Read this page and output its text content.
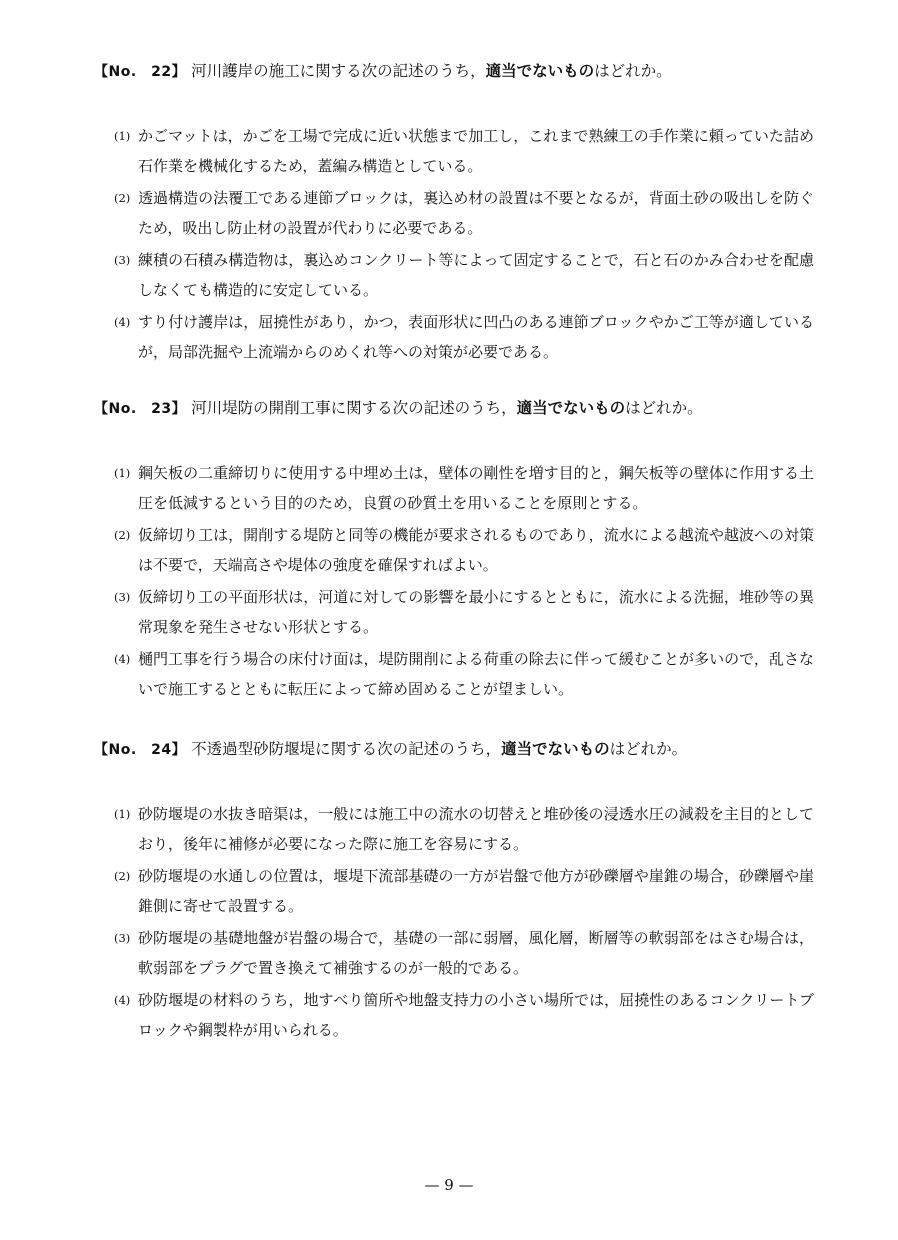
【No.　22】 河川護岸の施工に関する次の記述のうち，適当でないものはどれか。
(1) かごマットは，かごを工場で完成に近い状態まで加工し，これまで熟練工の手作業に頼っていた詰め石作業を機械化するため，蓋編み構造としている。
(2) 透過構造の法覆工である連節ブロックは，裏込め材の設置は不要となるが，背面土砂の吸出しを防ぐため，吸出し防止材の設置が代わりに必要である。
(3) 練積の石積み構造物は，裏込めコンクリート等によって固定することで，石と石のかみ合わせを配慮しなくても構造的に安定している。
(4) すり付け護岸は，屈撓性があり，かつ，表面形状に凹凸のある連節ブロックやかご工等が適しているが，局部洗掘や上流端からのめくれ等への対策が必要である。
【No.　23】 河川堤防の開削工事に関する次の記述のうち，適当でないものはどれか。
(1) 鋼矢板の二重締切りに使用する中埋め土は，壁体の剛性を増す目的と，鋼矢板等の壁体に作用する土圧を低減するという目的のため，良質の砂質土を用いることを原則とする。
(2) 仮締切り工は，開削する堤防と同等の機能が要求されるものであり，流水による越流や越波への対策は不要で，天端高さや堤体の強度を確保すればよい。
(3) 仮締切り工の平面形状は，河道に対しての影響を最小にするとともに，流水による洗掘，堆砂等の異常現象を発生させない形状とする。
(4) 樋門工事を行う場合の床付け面は，堤防開削による荷重の除去に伴って緩むことが多いので，乱さないで施工するとともに転圧によって締め固めることが望ましい。
【No.　24】 不透過型砂防堰堤に関する次の記述のうち，適当でないものはどれか。
(1) 砂防堰堤の水抜き暗渠は，一般には施工中の流水の切替えと堆砂後の浸透水圧の減殺を主目的としており，後年に補修が必要になった際に施工を容易にする。
(2) 砂防堰堤の水通しの位置は，堰堤下流部基礎の一方が岩盤で他方が砂礫層や崖錐の場合，砂礫層や崖錐側に寄せて設置する。
(3) 砂防堰堤の基礎地盤が岩盤の場合で，基礎の一部に弱層，風化層，断層等の軟弱部をはさむ場合は，軟弱部をプラグで置き換えて補強するのが一般的である。
(4) 砂防堰堤の材料のうち，地すべり箇所や地盤支持力の小さい場所では，屈撓性のあるコンクリートブロックや鋼製枠が用いられる。
— 9 —
